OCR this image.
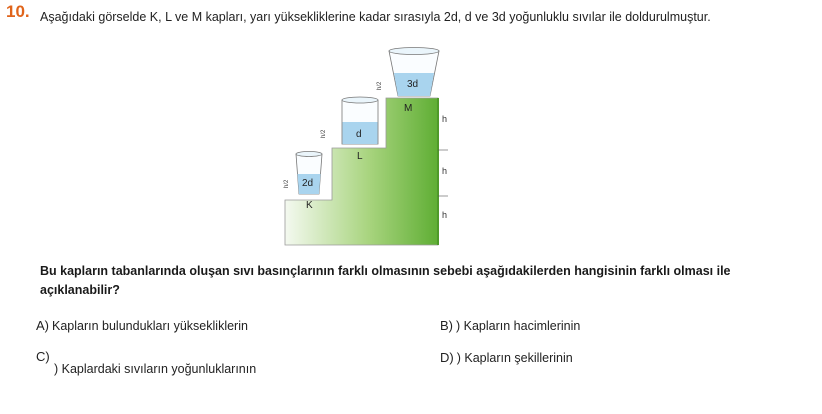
10. Aşağıdaki görselde K, L ve M kapları, yarı yüksekliklerine kadar sırasıyla 2d, d ve 3d yoğunluklu sıvılar ile doldurulmuştur.
h
h
h
2d
K
h/2
d
L
h/2
3d
M
h/2
Bu kapların tabanlarında oluşan sıvı basınçlarının farklı olmasının sebebi aşağıdakilerden hangisinin farklı olması ile açıklanabilir?
A) Kapların bulundukları yüksekliklerin	B) ) Kapların hacimlerinin
C)
) Kaplardaki sıvıların yoğunluklarının
D) ) Kapların şekillerinin
